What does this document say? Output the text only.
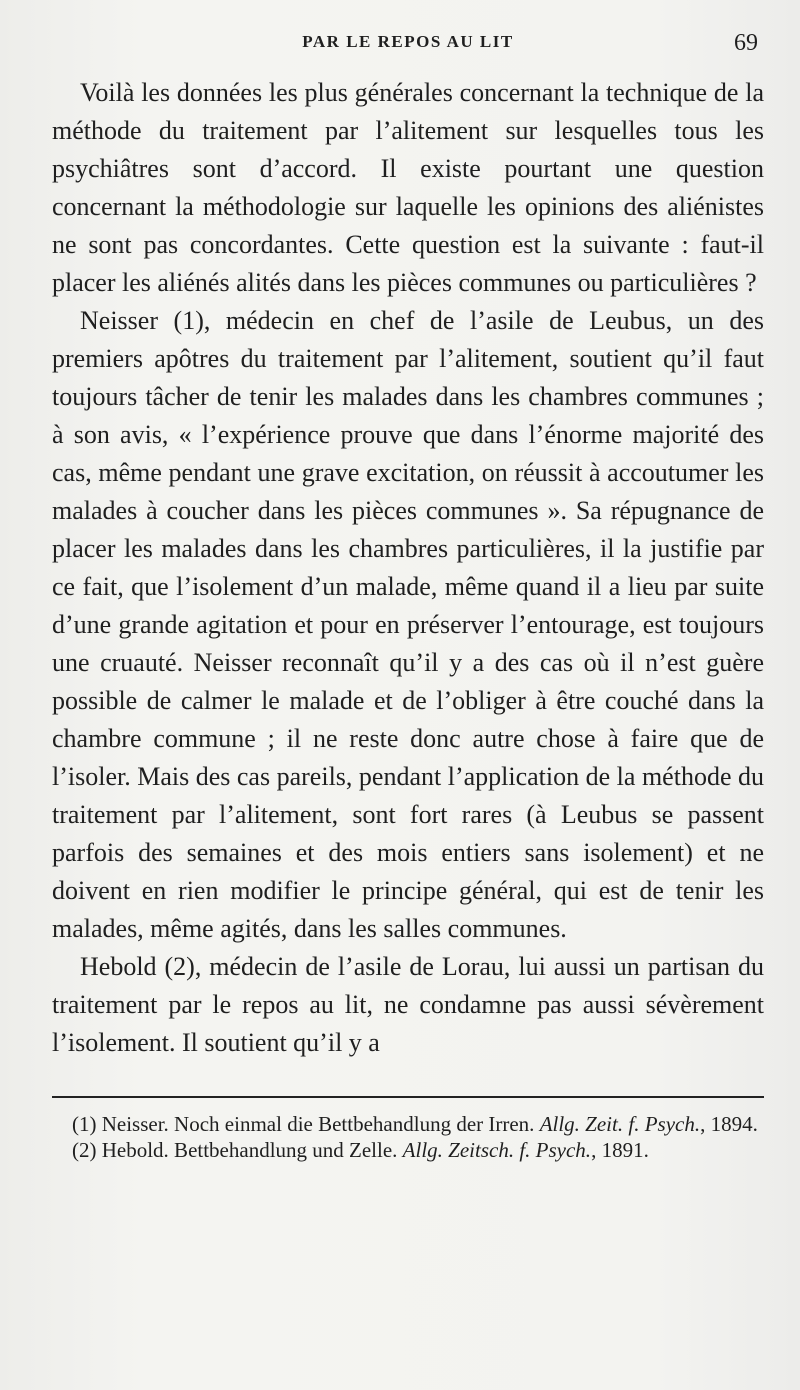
PAR LE REPOS AU LIT	69

Voilà les données les plus générales concernant la technique de la méthode du traitement par l’alitement sur lesquelles tous les psychiâtres sont d’accord. Il existe pourtant une question concernant la méthodologie sur laquelle les opinions des aliénistes ne sont pas concordantes. Cette question est la suivante : faut-il placer les aliénés alités dans les pièces communes ou particulières ?

Neisser (1), médecin en chef de l’asile de Leubus, un des premiers apôtres du traitement par l’alitement, soutient qu’il faut toujours tâcher de tenir les malades dans les chambres communes ; à son avis, « l’expérience prouve que dans l’énorme majorité des cas, même pendant une grave excitation, on réussit à accoutumer les malades à coucher dans les pièces communes ». Sa répugnance de placer les malades dans les chambres particulières, il la justifie par ce fait, que l’isolement d’un malade, même quand il a lieu par suite d’une grande agitation et pour en préserver l’entourage, est toujours une cruauté. Neisser reconnaît qu’il y a des cas où il n’est guère possible de calmer le malade et de l’obliger à être couché dans la chambre commune ; il ne reste donc autre chose à faire que de l’isoler. Mais des cas pareils, pendant l’application de la méthode du traitement par l’alitement, sont fort rares (à Leubus se passent parfois des semaines et des mois entiers sans isolement) et ne doivent en rien modifier le principe général, qui est de tenir les malades, même agités, dans les salles communes.

Hebold (2), médecin de l’asile de Lorau, lui aussi un partisan du traitement par le repos au lit, ne condamne pas aussi sévèrement l’isolement. Il soutient qu’il y a

(1) Neisser. Noch einmal die Bettbehandlung der Irren. Allg. Zeit. f. Psych., 1894.

(2) Hebold. Bettbehandlung und Zelle. Allg. Zeitsch. f. Psych., 1891.
